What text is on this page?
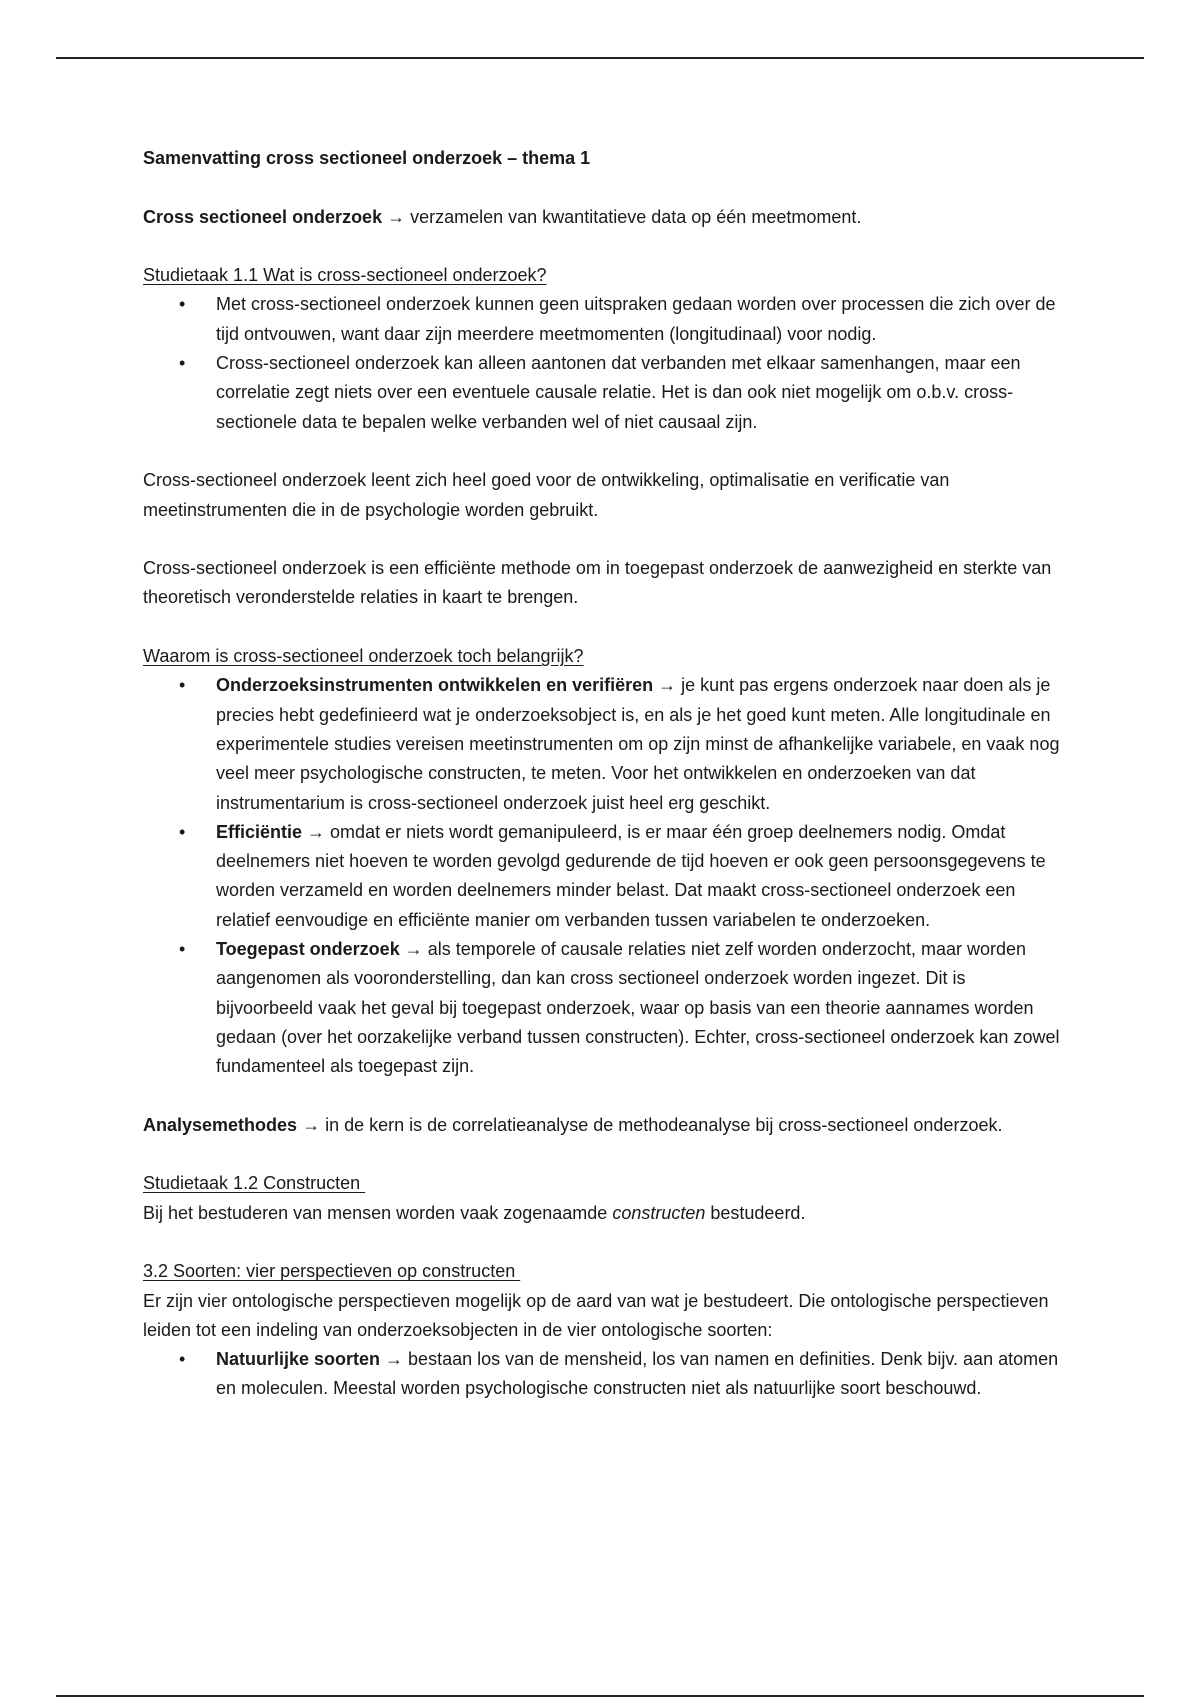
Samenvatting cross sectioneel onderzoek – thema 1

Cross sectioneel onderzoek → verzamelen van kwantitatieve data op één meetmoment.

Studietaak 1.1 Wat is cross-sectioneel onderzoek?

• Met cross-sectioneel onderzoek kunnen geen uitspraken gedaan worden over processen die zich over de tijd ontvouwen, want daar zijn meerdere meetmomenten (longitudinaal) voor nodig.
• Cross-sectioneel onderzoek kan alleen aantonen dat verbanden met elkaar samenhangen, maar een correlatie zegt niets over een eventuele causale relatie. Het is dan ook niet mogelijk om o.b.v. cross-sectionele data te bepalen welke verbanden wel of niet causaal zijn.

Cross-sectioneel onderzoek leent zich heel goed voor de ontwikkeling, optimalisatie en verificatie van meetinstrumenten die in de psychologie worden gebruikt.

Cross-sectioneel onderzoek is een efficiënte methode om in toegepast onderzoek de aanwezigheid en sterkte van theoretisch veronderstelde relaties in kaart te brengen.

Waarom is cross-sectioneel onderzoek toch belangrijk?

• Onderzoeksinstrumenten ontwikkelen en verifiëren → je kunt pas ergens onderzoek naar doen als je precies hebt gedefinieerd wat je onderzoeksobject is, en als je het goed kunt meten. Alle longitudinale en experimentele studies vereisen meetinstrumenten om op zijn minst de afhankelijke variabele, en vaak nog veel meer psychologische constructen, te meten. Voor het ontwikkelen en onderzoeken van dat instrumentarium is cross-sectioneel onderzoek juist heel erg geschikt.
• Efficiëntie → omdat er niets wordt gemanipuleerd, is er maar één groep deelnemers nodig. Omdat deelnemers niet hoeven te worden gevolgd gedurende de tijd hoeven er ook geen persoonsgegevens te worden verzameld en worden deelnemers minder belast. Dat maakt cross-sectioneel onderzoek een relatief eenvoudige en efficiënte manier om verbanden tussen variabelen te onderzoeken.
• Toegepast onderzoek → als temporele of causale relaties niet zelf worden onderzocht, maar worden aangenomen als vooronderstelling, dan kan cross sectioneel onderzoek worden ingezet. Dit is bijvoorbeeld vaak het geval bij toegepast onderzoek, waar op basis van een theorie aannames worden gedaan (over het oorzakelijke verband tussen constructen). Echter, cross-sectioneel onderzoek kan zowel fundamenteel als toegepast zijn.

Analysemethodes → in de kern is de correlatieanalyse de methodeanalyse bij cross-sectioneel onderzoek.

Studietaak 1.2 Constructen

Bij het bestuderen van mensen worden vaak zogenaamde constructen bestudeerd.

3.2 Soorten: vier perspectieven op constructen

Er zijn vier ontologische perspectieven mogelijk op de aard van wat je bestudeert. Die ontologische perspectieven leiden tot een indeling van onderzoeksobjecten in de vier ontologische soorten:

• Natuurlijke soorten → bestaan los van de mensheid, los van namen en definities. Denk bijv. aan atomen en moleculen. Meestal worden psychologische constructen niet als natuurlijke soort beschouwd.
